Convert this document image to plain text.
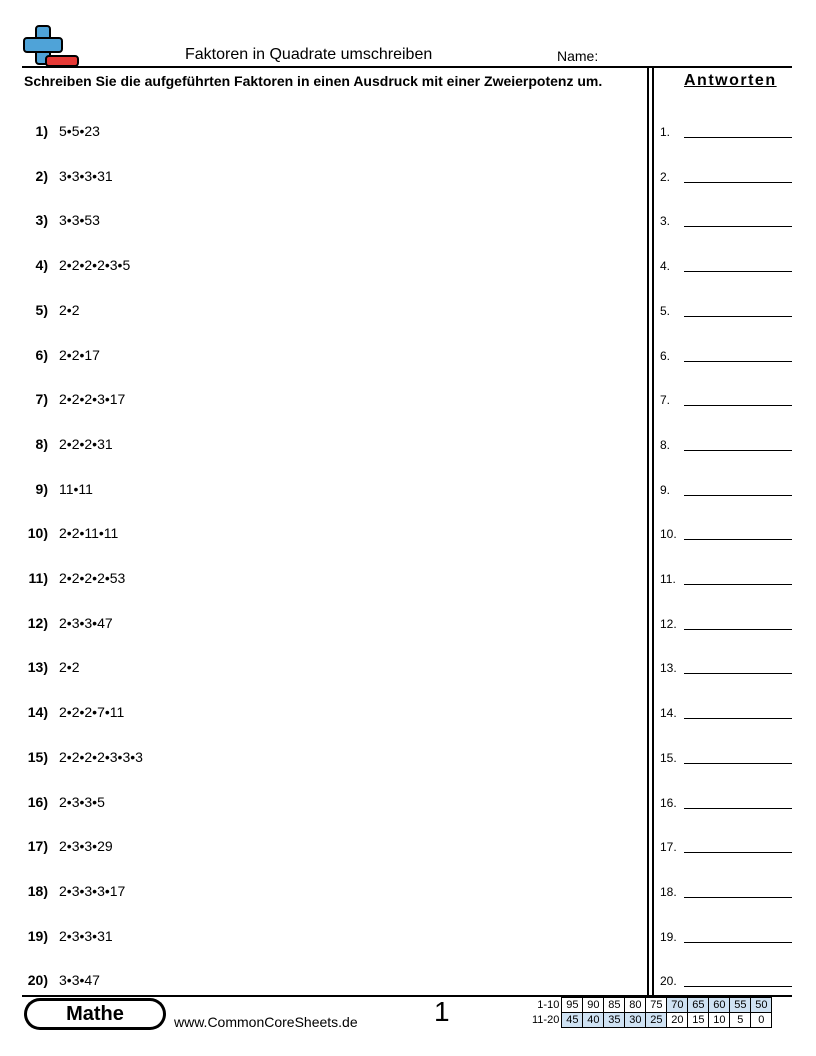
Faktoren in Quadrate umschreiben	Name:
Schreiben Sie die aufgeführten Faktoren in einen Ausdruck mit einer Zweierpotenz um.	Antworten
1) 5•5•23
2) 3•3•3•31
3) 3•3•53
4) 2•2•2•2•3•5
5) 2•2
6) 2•2•17
7) 2•2•2•3•17
8) 2•2•2•31
9) 11•11
10) 2•2•11•11
11) 2•2•2•2•53
12) 2•3•3•47
13) 2•2
14) 2•2•2•7•11
15) 2•2•2•2•3•3•3
16) 2•3•3•5
17) 2•3•3•29
18) 2•3•3•3•17
19) 2•3•3•31
20) 3•3•47
1.
2.
3.
4.
5.
6.
7.
8.
9.
10.
11.
12.
13.
14.
15.
16.
17.
18.
19.
20.
Mathe	www.CommonCoreSheets.de	1	1-10	95	90	85	80	75	70	65	60	55	50
11-20	45	40	35	30	25	20	15	10	5	0
